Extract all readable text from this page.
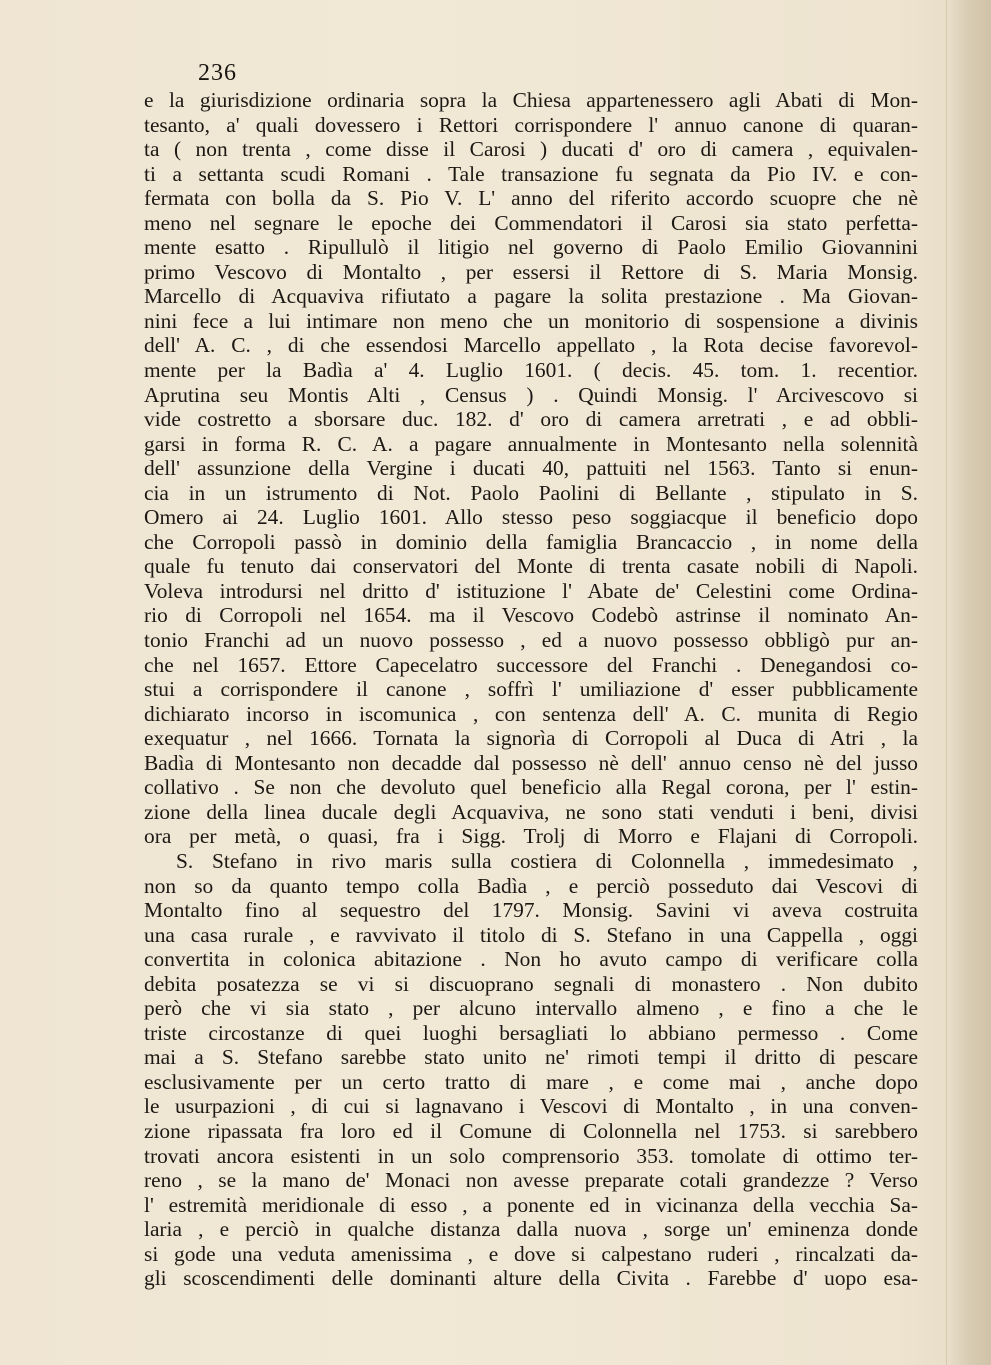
236
e la giurisdizione ordinaria sopra la Chiesa appartenessero agli Abati di Mon-
tesanto, a' quali dovessero i Rettori corrispondere l' annuo canone di quaran-
ta ( non trenta , come disse il Carosi ) ducati d' oro di camera , equivalen-
ti a settanta scudi Romani . Tale transazione fu segnata da Pio IV. e con-
fermata con bolla da S. Pio V. L' anno del riferito accordo scuopre che nè
meno nel segnare le epoche dei Commendatori il Carosi sia stato perfetta-
mente esatto . Ripullulò il litigio nel governo di Paolo Emilio Giovannini
primo Vescovo di Montalto , per essersi il Rettore di S. Maria Monsig.
Marcello di Acquaviva rifiutato a pagare la solita prestazione . Ma Giovan-
nini fece a lui intimare non meno che un monitorio di sospensione a divinis
dell' A. C. , di che essendosi Marcello appellato , la Rota decise favorevol-
mente per la Badìa a' 4. Luglio 1601. ( decis. 45. tom. 1. recentior.
Aprutina seu Montis Alti , Census ) . Quindi Monsig. l' Arcivescovo si
vide costretto a sborsare duc. 182. d' oro di camera arretrati , e ad obbli-
garsi in forma R. C. A. a pagare annualmente in Montesanto nella solennità
dell' assunzione della Vergine i ducati 40, pattuiti nel 1563. Tanto si enun-
cia in un istrumento di Not. Paolo Paolini di Bellante , stipulato in S.
Omero ai 24. Luglio 1601. Allo stesso peso soggiacque il beneficio dopo
che Corropoli passò in dominio della famiglia Brancaccio , in nome della
quale fu tenuto dai conservatori del Monte di trenta casate nobili di Napoli.
Voleva introdursi nel dritto d' istituzione l' Abate de' Celestini come Ordina-
rio di Corropoli nel 1654. ma il Vescovo Codebò astrinse il nominato An-
tonio Franchi ad un nuovo possesso , ed a nuovo possesso obbligò pur an-
che nel 1657. Ettore Capecelatro successore del Franchi . Denegandosi co-
stui a corrispondere il canone , soffrì l' umiliazione d' esser pubblicamente
dichiarato incorso in iscomunica , con sentenza dell' A. C. munita di Regio
exequatur , nel 1666. Tornata la signorìa di Corropoli al Duca di Atri , la
Badìa di Montesanto non decadde dal possesso nè dell' annuo censo nè del jusso
collativo . Se non che devoluto quel beneficio alla Regal corona, per l' estin-
zione della linea ducale degli Acquaviva, ne sono stati venduti i beni, divisi
ora per metà, o quasi, fra i Sigg. Trolj di Morro e Flajani di Corropoli.
S. Stefano in rivo maris sulla costiera di Colonnella , immedesimato ,
non so da quanto tempo colla Badìa , e perciò posseduto dai Vescovi di
Montalto fino al sequestro del 1797. Monsig. Savini vi aveva costruita
una casa rurale , e ravvivato il titolo di S. Stefano in una Cappella , oggi
convertita in colonica abitazione . Non ho avuto campo di verificare colla
debita posatezza se vi si discuoprano segnali di monastero . Non dubito
però che vi sia stato , per alcuno intervallo almeno , e fino a che le
triste circostanze di quei luoghi bersagliati lo abbiano permesso . Come
mai a S. Stefano sarebbe stato unito ne' rimoti tempi il dritto di pescare
esclusivamente per un certo tratto di mare , e come mai , anche dopo
le usurpazioni , di cui si lagnavano i Vescovi di Montalto , in una conven-
zione ripassata fra loro ed il Comune di Colonnella nel 1753. si sarebbero
trovati ancora esistenti in un solo comprensorio 353. tomolate di ottimo ter-
reno , se la mano de' Monaci non avesse preparate cotali grandezze ? Verso
l' estremità meridionale di esso , a ponente ed in vicinanza della vecchia Sa-
laria , e perciò in qualche distanza dalla nuova , sorge un' eminenza donde
si gode una veduta amenissima , e dove si calpestano ruderi , rincalzati da-
gli scoscendimenti delle dominanti alture della Civita . Farebbe d' uopo esa-
